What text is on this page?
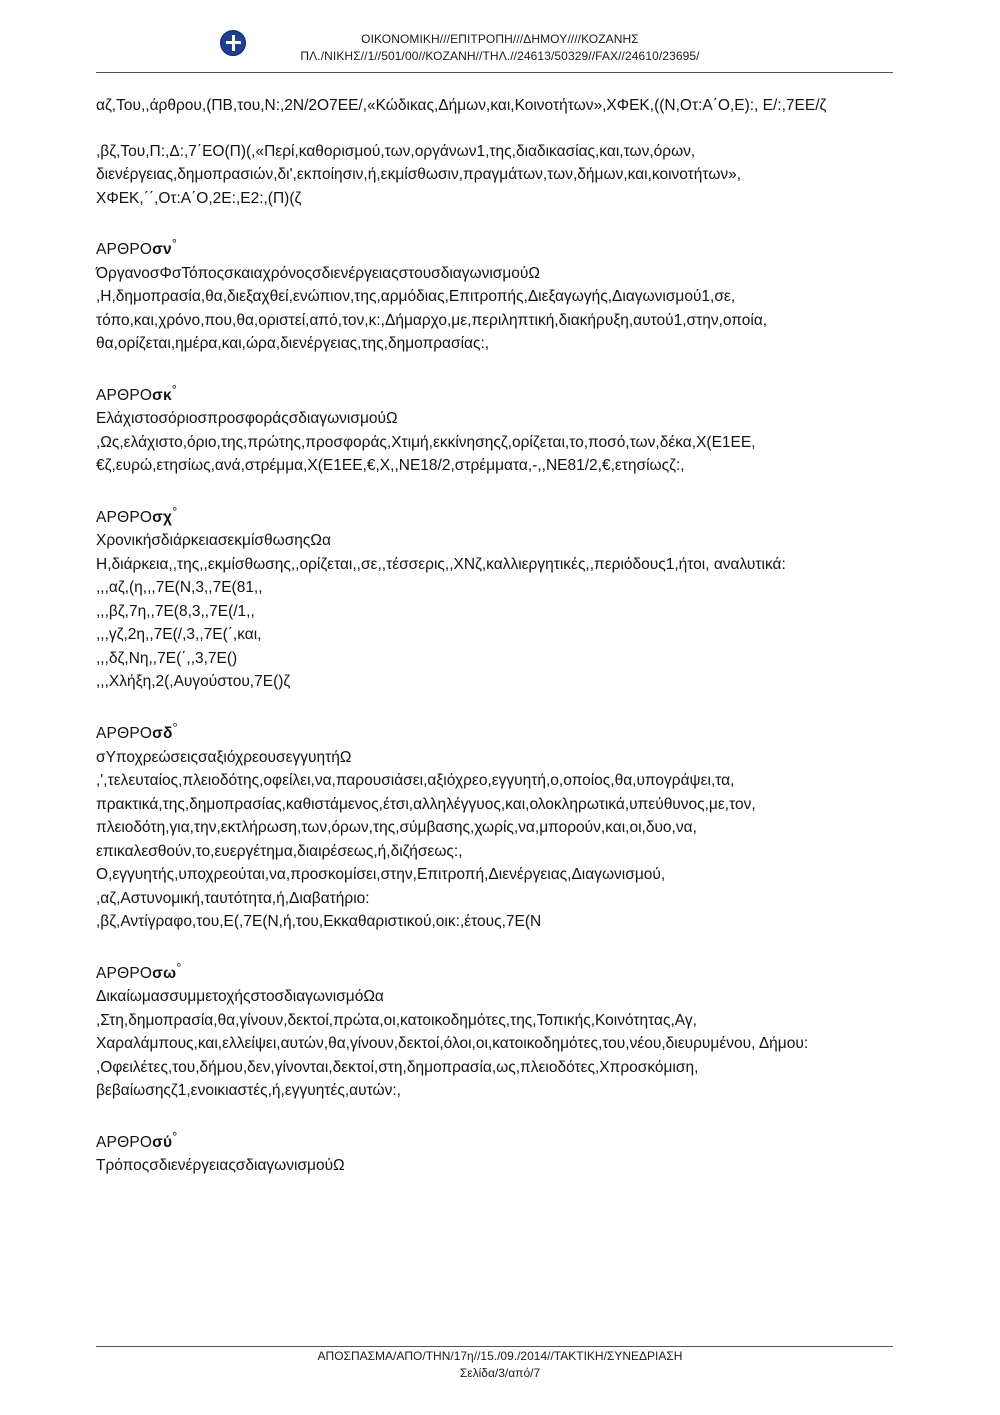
ΟΙΚΟΝΟΜΙΚΗ///ΕΠΙΤΡΟΠΗ///ΔΗΜΟΥ////ΚΟΖΑΝΗΣ
ΠΛ./ΝΙΚΗΣ//1//501/00//ΚΟΖΑΝΗ//ΤΗΛ.//24613/50329//FAX//24610/23695/

αζ,Του,,άρθρου,(ΠΒ,του,Ν:,2Ν/2Ο7ΕΕ/,«Κώδικας,Δήμων,και,Κοινοτήτων»,ΧΦΕΚ,((Ν,Οτ:Α΄Ο,Ε):, Ε/:,7ΕΕ/ζ

,βζ,Του,Π:,Δ:,7΄ΕΟ(Π)(,«Περί,καθορισμού,των,οργάνων1,της,διαδικασίας,και,των,όρων, διενέργειας,δημοπρασιών,δι',εκποίησιν,ή,εκμίσθωσιν,πραγμάτων,των,δήμων,και,κοινοτήτων», ΧΦΕΚ,΄΄,Οτ:Α΄Ο,2Ε:,Ε2:,(Π)(ζ

ΑΡΘΡΟσν°

ΌργανοσΦσΤόποςσκαιαχρόνοςσδιενέργειαςστουσδιαγωνισμούΩ

,Η,δημοπρασία,θα,διεξαχθεί,ενώπιον,της,αρμόδιας,Επιτροπής,Διεξαγωγής,Διαγωνισμού1,σε, τόπο,και,χρόνο,που,θα,οριστεί,από,τον,κ:,Δήμαρχο,με,περιληπτική,διακήρυξη,αυτού1,στην,οποία, θα,ορίζεται,ημέρα,και,ώρα,διενέργειας,της,δημοπρασίας:,

ΑΡΘΡΟσκ°

ΕλάχιστοσόριοσπροσφοράςσδιαγωνισμούΩ

,Ως,ελάχιστο,όριο,της,πρώτης,προσφοράς,Χτιμή,εκκίνησηςζ,ορίζεται,το,ποσό,των,δέκα,Χ(Ε1ΕΕ, €ζ,ευρώ,ετησίως,ανά,στρέμμα,Χ(Ε1ΕΕ,€,Χ,,ΝΕ18/2,στρέμματα,-,,ΝΕ81/2,€,ετησίωςζ:,

ΑΡΘΡΟσχ°

ΧρονικήσδιάρκειασεκμίσθωσηςΩα

Η,διάρκεια,,της,,εκμίσθωσης,,ορίζεται,,σε,,τέσσερις,,ΧΝζ,καλλιεργητικές,,περιόδους1,ήτοι, αναλυτικά:

,,,αζ,(η,,,7Ε(Ν,3,,7Ε(81,,

,,,βζ,7η,,7Ε(8,3,,7Ε(/1,,

,,,γζ,2η,,7Ε(/,3,,7Ε(΄,και,

,,,δζ,Νη,,7Ε(΄,,3,7Ε()

,,,Χλήξη,2(,Αυγούστου,7Ε()ζ

ΑΡΘΡΟσδ°

σΥποχρεώσειςσαξιόχρεουσεγγυητήΩ

,',τελευταίος,πλειοδότης,οφείλει,να,παρουσιάσει,αξιόχρεο,εγγυητή,ο,οποίος,θα,υπογράψει,τα, πρακτικά,της,δημοπρασίας,καθιστάμενος,έτσι,αλληλέγγυος,και,ολοκληρωτικά,υπεύθυνος,με,τον, πλειοδότη,για,την,εκτλήρωση,των,όρων,της,σύμβασης,χωρίς,να,μπορούν,και,οι,δυο,να, επικαλεσθούν,το,ευεργέτημα,διαιρέσεως,ή,διζήσεως:,

Ο,εγγυητής,υποχρεούται,να,προσκομίσει,στην,Επιτροπή,Διενέργειας,Διαγωνισμού,

,αζ,Αστυνομική,ταυτότητα,ή,Διαβατήριο:

,βζ,Αντίγραφο,του,Ε(,7Ε(Ν,ή,του,Εκκαθαριστικού,οικ:,έτους,7Ε(Ν

ΑΡΘΡΟσω°

ΔικαίωμασσυμμετοχήςστοσδιαγωνισμόΩα

,Στη,δημοπρασία,θα,γίνουν,δεκτοί,πρώτα,οι,κατοικοδημότες,της,Τοπικής,Κοινότητας,Αγ, Χαραλάμπους,και,ελλείψει,αυτών,θα,γίνουν,δεκτοί,όλοι,οι,κατοικοδημότες,του,νέου,διευρυμένου, Δήμου:

,Οφειλέτες,του,δήμου,δεν,γίνονται,δεκτοί,στη,δημοπρασία,ως,πλειοδότες,Χπροσκόμιση, βεβαίωσηςζ1,ενοικιαστές,ή,εγγυητές,αυτών:,

ΑΡΘΡΟσύ°

ΤρόποςσδιενέργειαςσδιαγωνισμούΩ

ΑΠΟΣΠΑΣΜΑ/ΑΠΟ/ΤΗΝ/17η//15./09./2014//ΤΑΚΤΙΚΗ/ΣΥΝΕΔΡΙΑΣΗ
Σελίδα/3/από/7
